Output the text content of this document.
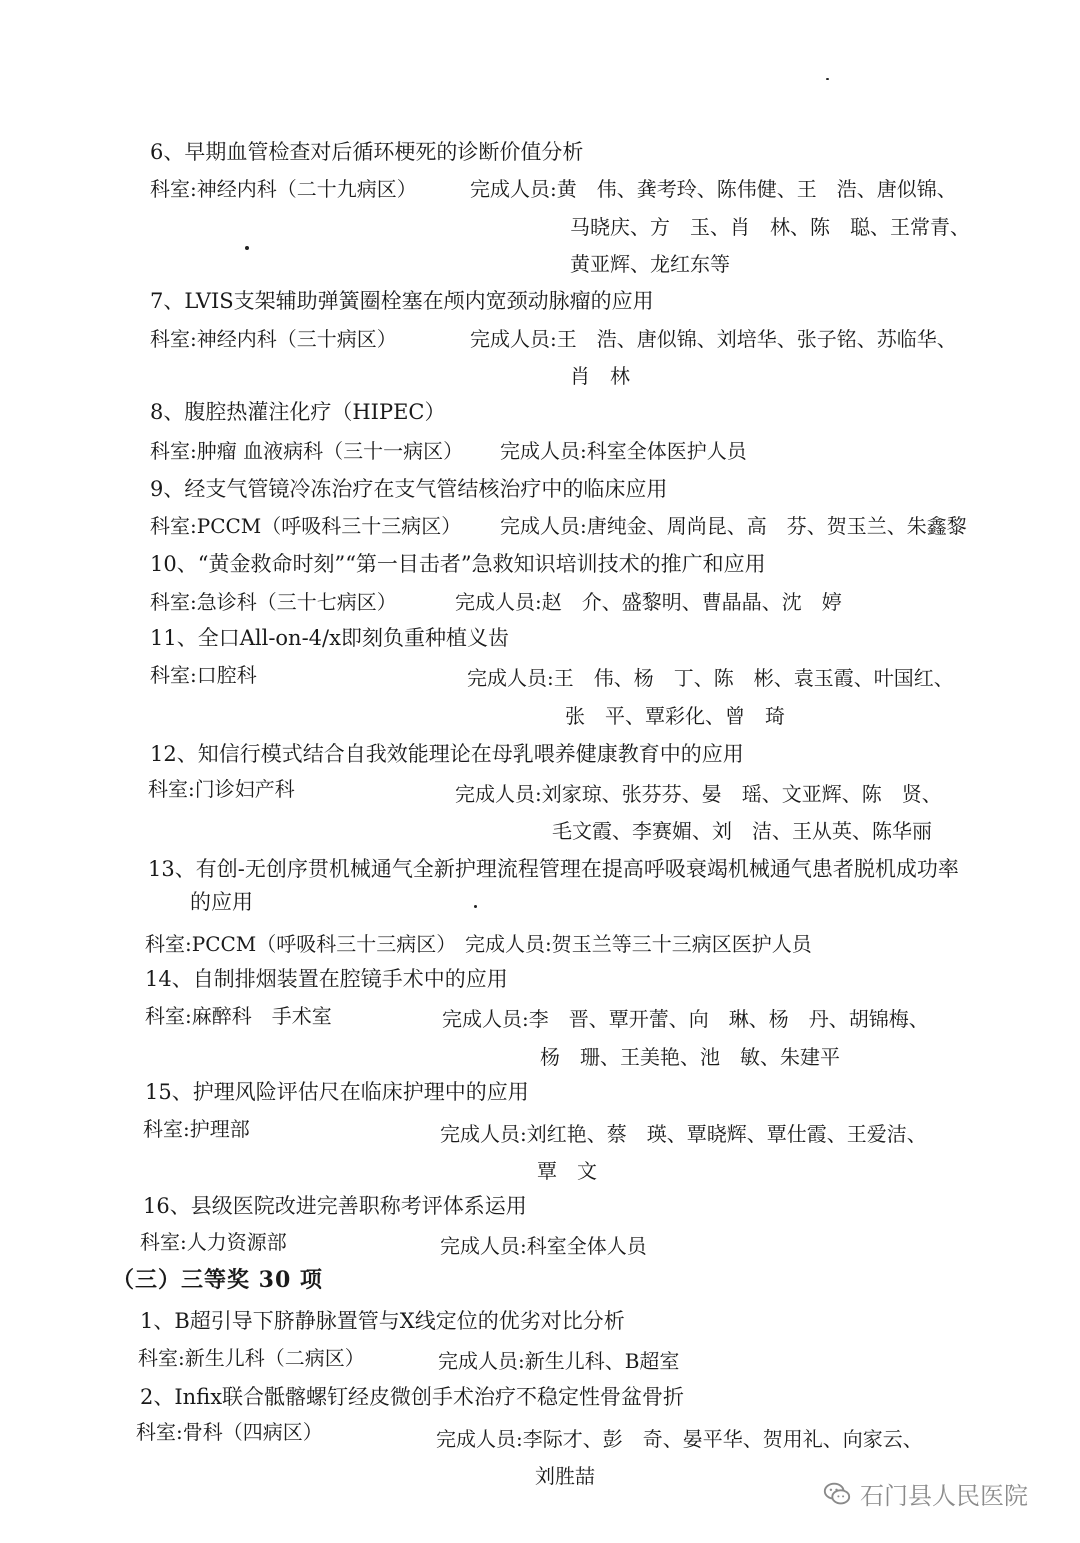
6、早期血管检查对后循环梗死的诊断价值分析
科室:神经内科（二十九病区）	完成人员:黄　伟、龚考玲、陈伟健、王　浩、唐似锦、
马晓庆、方　玉、肖　林、陈　聪、王常青、
黄亚辉、龙红东等
7、LVIS支架辅助弹簧圈栓塞在颅内宽颈动脉瘤的应用
科室:神经内科（三十病区）	完成人员:王　浩、唐似锦、刘培华、张子铭、苏临华、
肖　林
8、腹腔热灌注化疗（HIPEC）
科室:肿瘤 血液病科（三十一病区） 完成人员:科室全体医护人员
9、经支气管镜冷冻治疗在支气管结核治疗中的临床应用
科室:PCCM（呼吸科三十三病区） 完成人员:唐纯金、周尚昆、高　芬、贺玉兰、朱鑫黎
10、“黄金救命时刻”“第一目击者”急救知识培训技术的推广和应用
科室:急诊科（三十七病区）	完成人员:赵　介、盛黎明、曹晶晶、沈　婷
11、全口All-on-4/x即刻负重种植义齿
科室:口腔科	完成人员:王　伟、杨　丁、陈　彬、袁玉霞、叶国红、
张　平、覃彩化、曾　琦
12、知信行模式结合自我效能理论在母乳喂养健康教育中的应用
科室:门诊妇产科	完成人员:刘家琼、张芬芬、晏　瑶、文亚辉、陈　贤、
毛文霞、李赛媚、刘　洁、王从英、陈华丽
13、有创-无创序贯机械通气全新护理流程管理在提高呼吸衰竭机械通气患者脱机成功率
的应用
科室:PCCM（呼吸科三十三病区） 完成人员:贺玉兰等三十三病区医护人员
14、自制排烟装置在腔镜手术中的应用
科室:麻醉科　手术室	完成人员:李　晋、覃开蕾、向　琳、杨　丹、胡锦梅、
杨　珊、王美艳、池　敏、朱建平
15、护理风险评估尺在临床护理中的应用
科室:护理部	完成人员:刘红艳、蔡　瑛、覃晓辉、覃仕霞、王爱洁、
覃　文
16、县级医院改进完善职称考评体系运用
科室:人力资源部	完成人员:科室全体人员
（三）三等奖 30 项
1、B超引导下脐静脉置管与X线定位的优劣对比分析
科室:新生儿科（二病区）	完成人员:新生儿科、B超室
2、Infix联合骶髂螺钉经皮微创手术治疗不稳定性骨盆骨折
科室:骨科（四病区）	完成人员:李际才、彭　奇、晏平华、贺用礼、向家云、
刘胜喆
石门县人民医院
